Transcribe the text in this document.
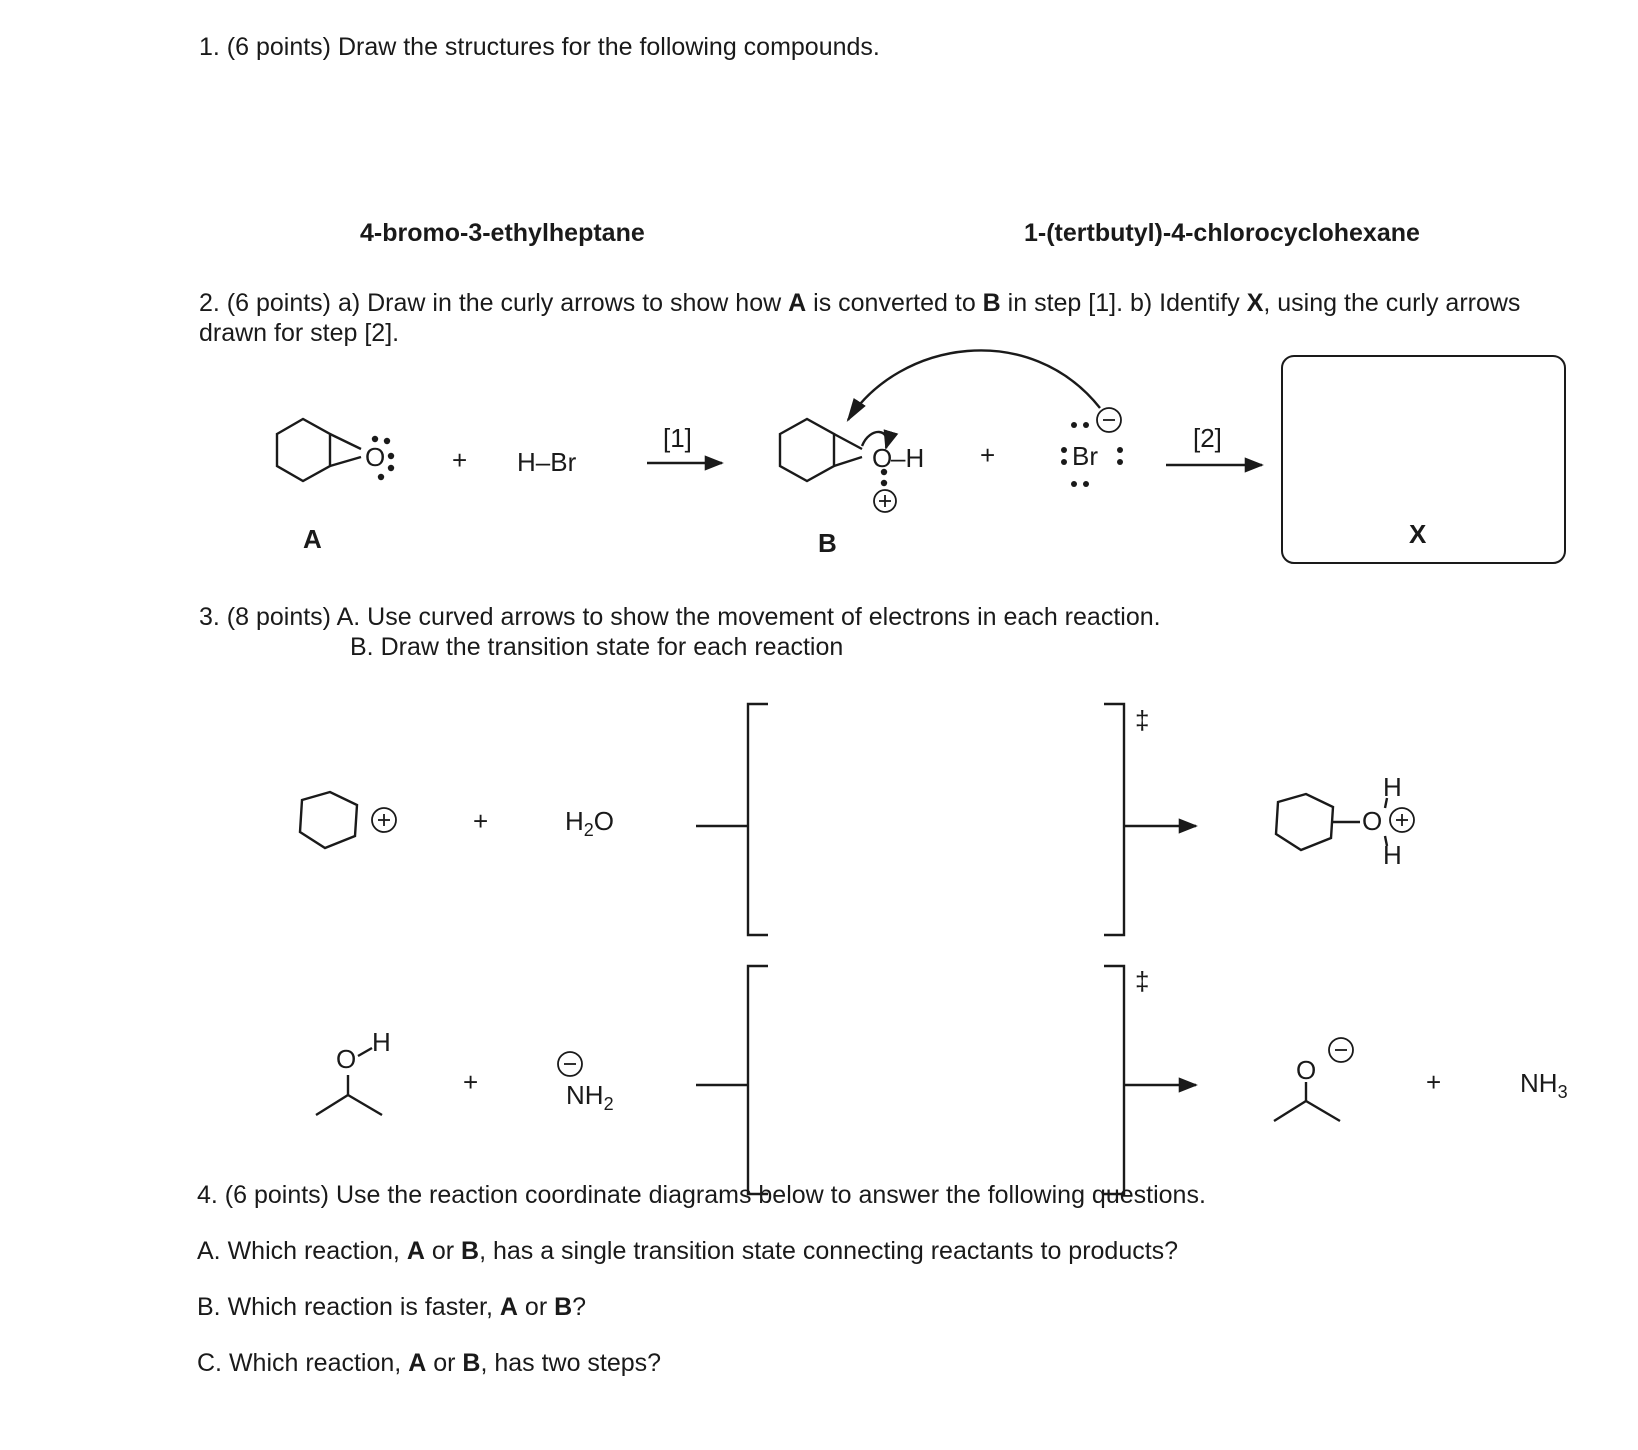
1. (6 points) Draw the structures for the following compounds.
4-bromo-3-ethylheptane	1-(tertbutyl)-4-chlorocyclohexane
2. (6 points) a) Draw in the curly arrows to show how A is converted to B in step [1]. b) Identify X, using the curly arrows
drawn for step [2].
3. (8 points) A. Use curved arrows to show the movement of electrons in each reaction.
B. Draw the transition state for each reaction
4. (6 points) Use the reaction coordinate diagrams below to answer the following questions.
A. Which reaction, A or B, has a single transition state connecting reactants to products?
B. Which reaction is faster, A or B?
C. Which reaction, A or B, has two steps?
O	+ H–Br
[1]
O
–H +	Br
[2]
A	B	X
+	$H_2O$
‡
H
O
H
O
H
+	$NH_2$
‡
O	+	$NH_3$
